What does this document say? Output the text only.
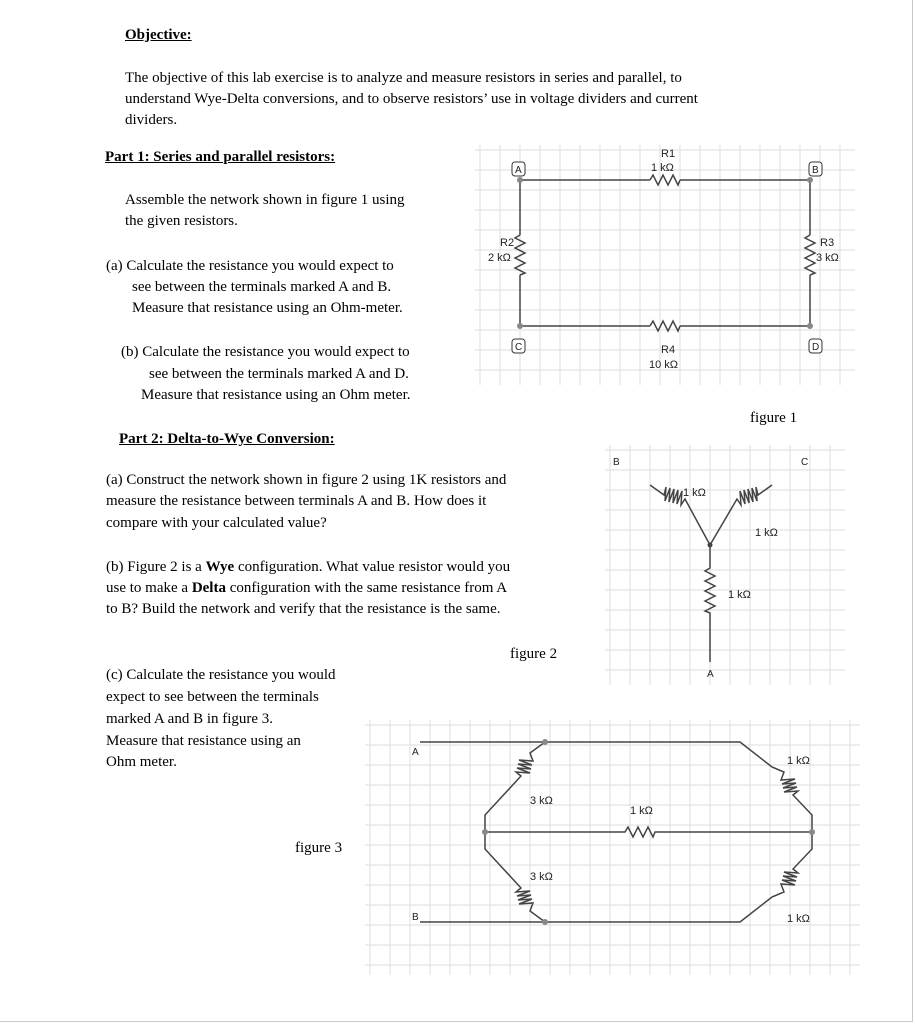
Objective:
The objective of this lab exercise is to analyze and measure resistors in series and parallel, to
understand Wye-Delta conversions, and to observe resistors’ use in voltage dividers and current
dividers.
Part 1: Series and parallel resistors:
Assemble the network shown in figure 1 using
the given resistors.
(a) Calculate the resistance you would expect to
see between the terminals marked A and B.
Measure that resistance using an Ohm-meter.
(b) Calculate the resistance you would expect to
see between the terminals marked A and D.
Measure that resistance using an Ohm meter.
Part 2: Delta-to-Wye Conversion:
(a) Construct the network shown in figure 2 using 1K resistors and
measure the resistance between terminals A and B. How does it
compare with your calculated value?
(b) Figure 2 is a Wye configuration. What value resistor would you
use to make a Delta configuration with the same resistance from A
to B? Build the network and verify that the resistance is the same.
(c) Calculate the resistance you would
expect to see between the terminals
marked A and B in figure 3.
Measure that resistance using an
Ohm meter.
figure 1
figure 2
figure 3
A	B
C	D
R1
1 kΩ
R2
2 kΩ
R3
3 kΩ
R4
10 kΩ
B	C
A
1 kΩ
1 kΩ
1 kΩ
A
B
3 kΩ
3 kΩ
1 kΩ
1 kΩ
1 kΩ
